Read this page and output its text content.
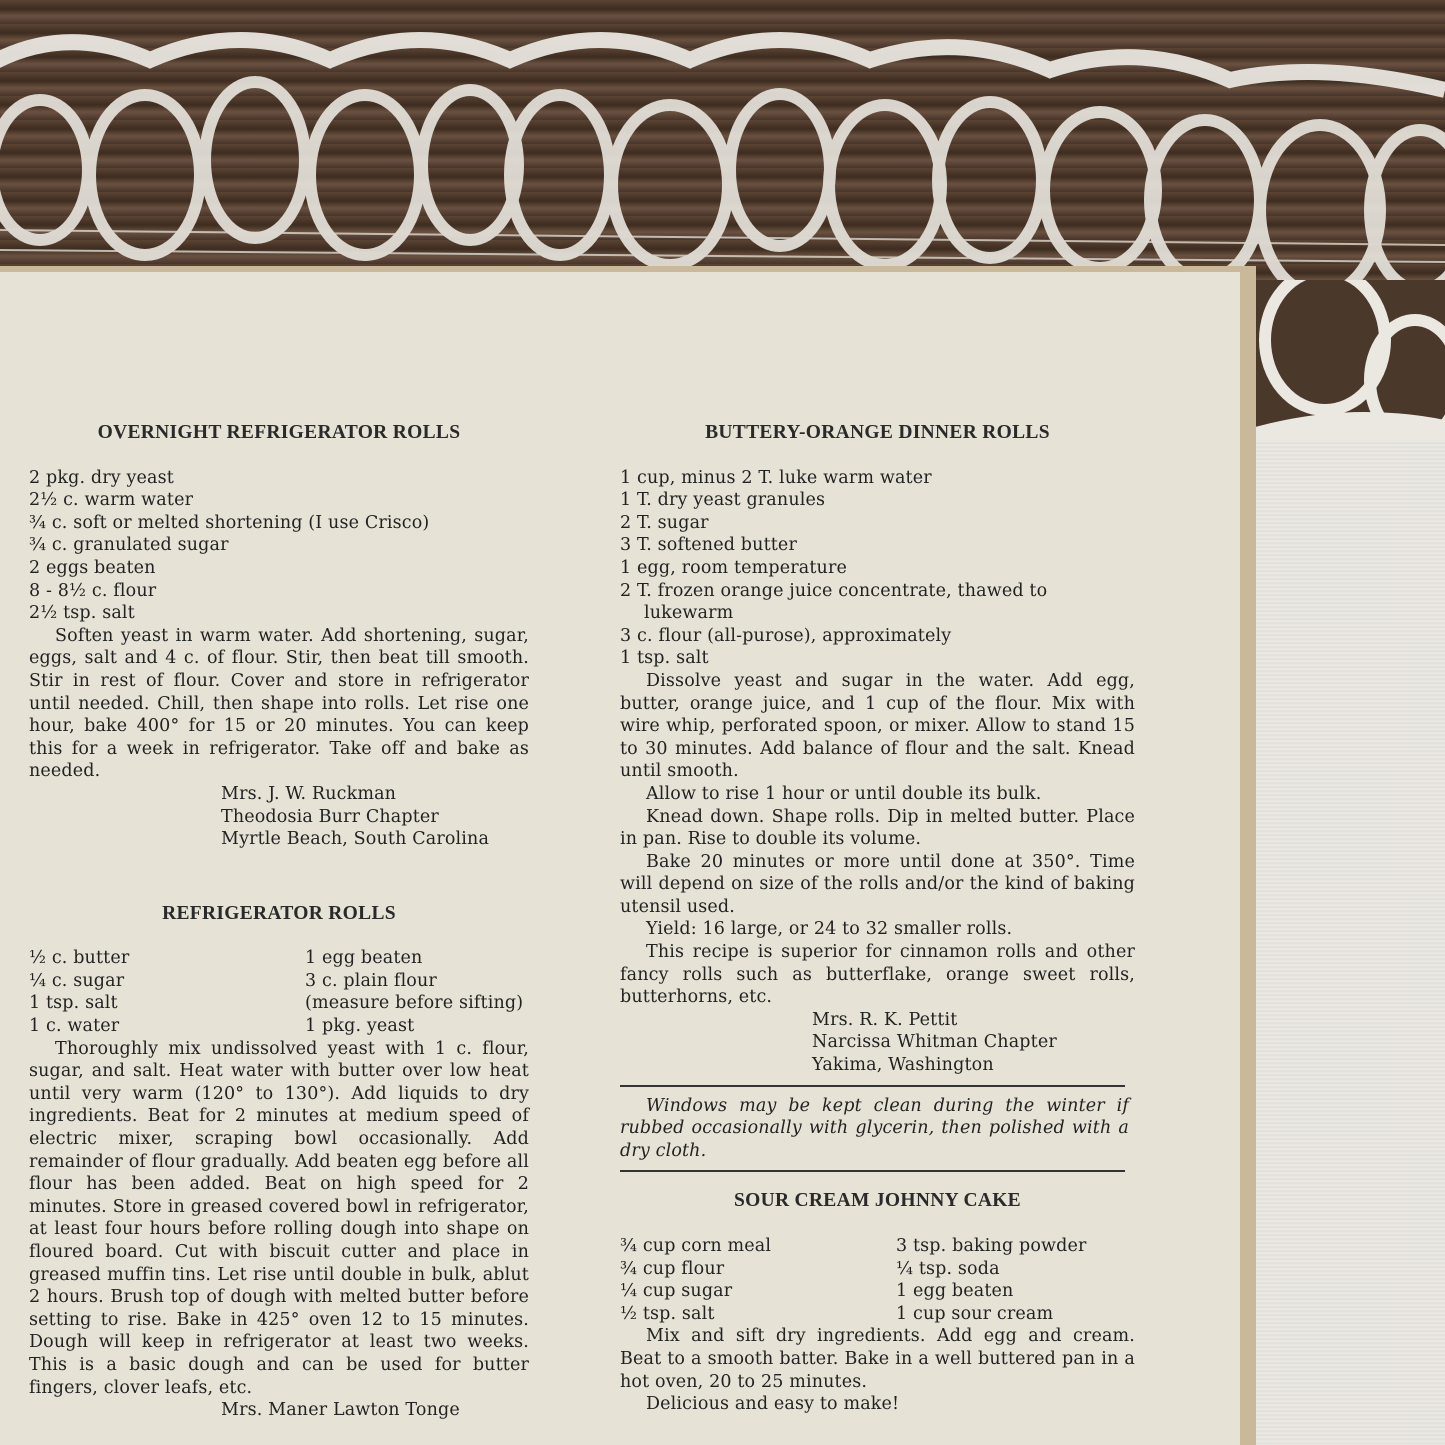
OVERNIGHT REFRIGERATOR ROLLS
2 pkg. dry yeast
2½ c. warm water
¾ c. soft or melted shortening (I use Crisco)
¾ c. granulated sugar
2 eggs beaten
8 - 8½ c. flour
2½ tsp. salt

Soften yeast in warm water. Add shortening, sugar, eggs, salt and 4 c. of flour. Stir, then beat till smooth. Stir in rest of flour. Cover and store in refrigerator until needed. Chill, then shape into rolls. Let rise one hour, bake 400° for 15 or 20 minutes. You can keep this for a week in refrigerator. Take off and bake as needed.

Mrs. J. W. Ruckman
Theodosia Burr Chapter
Myrtle Beach, South Carolina
REFRIGERATOR ROLLS
½ c. butter
¼ c. sugar
1 tsp. salt
1 c. water
1 egg beaten
3 c. plain flour
(measure before sifting)
1 pkg. yeast

Thoroughly mix undissolved yeast with 1 c. flour, sugar, and salt. Heat water with butter over low heat until very warm (120° to 130°). Add liquids to dry ingredients. Beat for 2 minutes at medium speed of electric mixer, scraping bowl occasionally. Add remainder of flour gradually. Add beaten egg before all flour has been added. Beat on high speed for 2 minutes. Store in greased covered bowl in refrigerator, at least four hours before rolling dough into shape on floured board. Cut with biscuit cutter and place in greased muffin tins. Let rise until double in bulk, ablut 2 hours. Brush top of dough with melted butter before setting to rise. Bake in 425° oven 12 to 15 minutes. Dough will keep in refrigerator at least two weeks. This is a basic dough and can be used for butter fingers, clover leafs, etc.

Mrs. Maner Lawton Tonge
BUTTERY-ORANGE DINNER ROLLS
1 cup, minus 2 T. luke warm water
1 T. dry yeast granules
2 T. sugar
3 T. softened butter
1 egg, room temperature
2 T. frozen orange juice concentrate, thawed to
lukewarm
3 c. flour (all-purose), approximately
1 tsp. salt

Dissolve yeast and sugar in the water. Add egg, butter, orange juice, and 1 cup of the flour. Mix with wire whip, perforated spoon, or mixer. Allow to stand 15 to 30 minutes. Add balance of flour and the salt. Knead until smooth.

Allow to rise 1 hour or until double its bulk.

Knead down. Shape rolls. Dip in melted butter. Place in pan. Rise to double its volume.

Bake 20 minutes or more until done at 350°. Time will depend on size of the rolls and/or the kind of baking utensil used.

Yield: 16 large, or 24 to 32 smaller rolls.

This recipe is superior for cinnamon rolls and other fancy rolls such as butterflake, orange sweet rolls, butterhorns, etc.

Mrs. R. K. Pettit
Narcissa Whitman Chapter
Yakima, Washington

Windows may be kept clean during the winter if rubbed occasionally with glycerin, then polished with a dry cloth.

SOUR CREAM JOHNNY CAKE
¾ cup corn meal
¾ cup flour
¼ cup sugar
½ tsp. salt
3 tsp. baking powder
¼ tsp. soda
1 egg beaten
1 cup sour cream

Mix and sift dry ingredients. Add egg and cream. Beat to a smooth batter. Bake in a well buttered pan in a hot oven, 20 to 25 minutes.

Delicious and easy to make!
